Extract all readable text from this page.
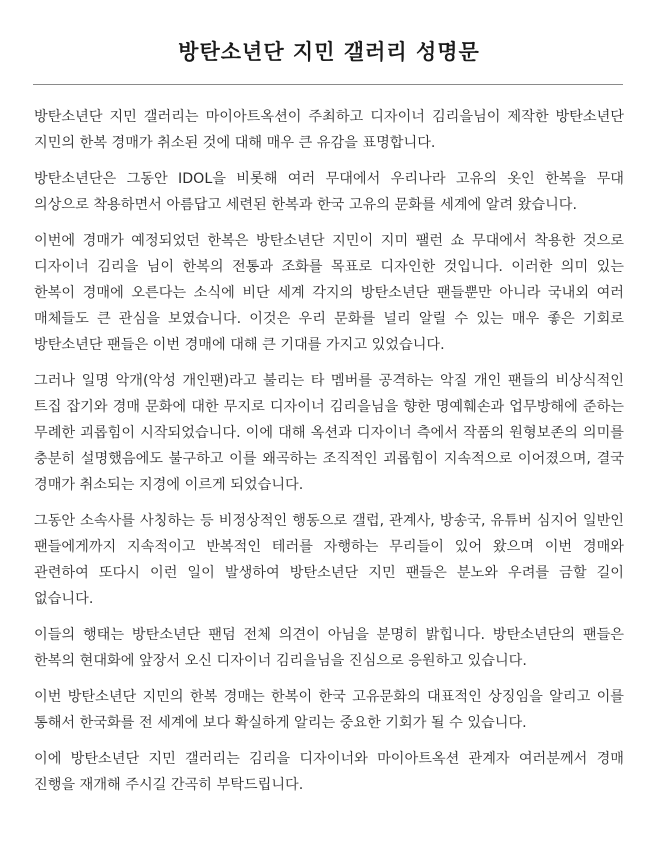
방탄소년단 지민 갤러리 성명문

방탄소년단 지민 갤러리는 마이아트옥션이 주최하고 디자이너 김리을님이 제작한 방탄소년단 지민의 한복 경매가 취소된 것에 대해 매우 큰 유감을 표명합니다.

방탄소년단은 그동안 IDOL을 비롯해 여러 무대에서 우리나라 고유의 옷인 한복을 무대 의상으로 착용하면서 아름답고 세련된 한복과 한국 고유의 문화를 세계에 알려 왔습니다.

이번에 경매가 예정되었던 한복은 방탄소년단 지민이 지미 팰런 쇼 무대에서 착용한 것으로 디자이너 김리을 님이 한복의 전통과 조화를 목표로 디자인한 것입니다. 이러한 의미 있는 한복이 경매에 오른다는 소식에 비단 세계 각지의 방탄소년단 팬들뿐만 아니라 국내외 여러 매체들도 큰 관심을 보였습니다. 이것은 우리 문화를 널리 알릴 수 있는 매우 좋은 기회로 방탄소년단 팬들은 이번 경매에 대해 큰 기대를 가지고 있었습니다.

그러나 일명 악개(악성 개인팬)라고 불리는 타 멤버를 공격하는 악질 개인 팬들의 비상식적인 트집 잡기와 경매 문화에 대한 무지로 디자이너 김리을님을 향한 명예훼손과 업무방해에 준하는 무례한 괴롭힘이 시작되었습니다. 이에 대해 옥션과 디자이너 측에서 작품의 원형보존의 의미를 충분히 설명했음에도 불구하고 이를 왜곡하는 조직적인 괴롭힘이 지속적으로 이어졌으며, 결국 경매가 취소되는 지경에 이르게 되었습니다.

그동안 소속사를 사칭하는 등 비정상적인 행동으로 갤럽, 관계사, 방송국, 유튜버 심지어 일반인 팬들에게까지 지속적이고 반복적인 테러를 자행하는 무리들이 있어 왔으며 이번 경매와 관련하여 또다시 이런 일이 발생하여 방탄소년단 지민 팬들은 분노와 우려를 금할 길이 없습니다.

이들의 행태는 방탄소년단 팬덤 전체 의견이 아님을 분명히 밝힙니다. 방탄소년단의 팬들은 한복의 현대화에 앞장서 오신 디자이너 김리을님을 진심으로 응원하고 있습니다.

이번 방탄소년단 지민의 한복 경매는 한복이 한국 고유문화의 대표적인 상징임을 알리고 이를 통해서 한국화를 전 세계에 보다 확실하게 알리는 중요한 기회가 될 수 있습니다.

이에 방탄소년단 지민 갤러리는 김리을 디자이너와 마이아트옥션 관계자 여러분께서 경매 진행을 재개해 주시길 간곡히 부탁드립니다.
